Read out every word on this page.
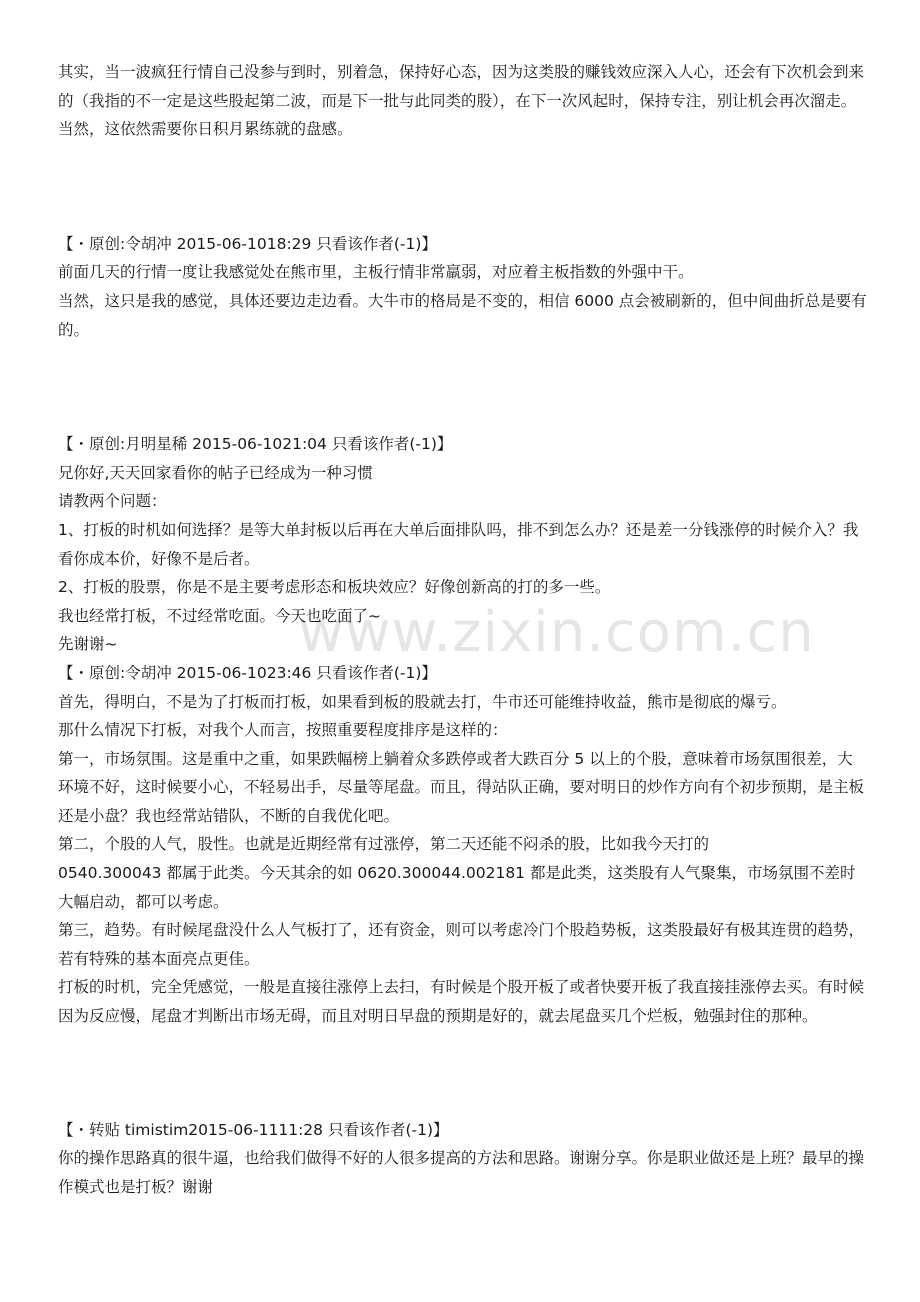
其实，当一波疯狂行情自己没参与到时，别着急，保持好心态，因为这类股的赚钱效应深入人心，还会有下次机会到来的（我指的不一定是这些股起第二波，而是下一批与此同类的股），在下一次风起时，保持专注，别让机会再次溜走。当然，这依然需要你日积月累练就的盘感。

【・原创:令胡冲 2015-06-1018:29 只看该作者(-1)】

前面几天的行情一度让我感觉处在熊市里，主板行情非常羸弱，对应着主板指数的外强中干。

当然，这只是我的感觉，具体还要边走边看。大牛市的格局是不变的，相信 6000 点会被刷新的，但中间曲折总是要有的。

【・原创:月明星稀 2015-06-1021:04 只看该作者(-1)】

兄你好,天天回家看你的帖子已经成为一种习惯

请教两个问题：

1、打板的时机如何选择？是等大单封板以后再在大单后面排队吗，排不到怎么办？还是差一分钱涨停的时候介入？我看你成本价，好像不是后者。

2、打板的股票，你是不是主要考虑形态和板块效应？好像创新高的打的多一些。

我也经常打板，不过经常吃面。今天也吃面了~

先谢谢~

【・原创:令胡冲 2015-06-1023:46 只看该作者(-1)】

首先，得明白，不是为了打板而打板，如果看到板的股就去打，牛市还可能维持收益，熊市是彻底的爆亏。

那什么情况下打板，对我个人而言，按照重要程度排序是这样的：

第一，市场氛围。这是重中之重，如果跌幅榜上躺着众多跌停或者大跌百分 5 以上的个股，意味着市场氛围很差，大环境不好，这时候要小心，不轻易出手，尽量等尾盘。而且，得站队正确，要对明日的炒作方向有个初步预期，是主板还是小盘？我也经常站错队，不断的自我优化吧。

第二，个股的人气，股性。也就是近期经常有过涨停，第二天还能不闷杀的股，比如我今天打的

0540.300043 都属于此类。今天其余的如 0620.300044.002181 都是此类，这类股有人气聚集，市场氛围不差时大幅启动，都可以考虑。

第三，趋势。有时候尾盘没什么人气板打了，还有资金，则可以考虑冷门个股趋势板，这类股最好有极其连贯的趋势，若有特殊的基本面亮点更佳。

打板的时机，完全凭感觉，一般是直接往涨停上去扫，有时候是个股开板了或者快要开板了我直接挂涨停去买。有时候因为反应慢，尾盘才判断出市场无碍，而且对明日早盘的预期是好的，就去尾盘买几个烂板，勉强封住的那种。

【・转贴 timistim2015-06-1111:28 只看该作者(-1)】

你的操作思路真的很牛逼，也给我们做得不好的人很多提高的方法和思路。谢谢分享。你是职业做还是上班？最早的操作模式也是打板？谢谢

www.zixin.com.cn
